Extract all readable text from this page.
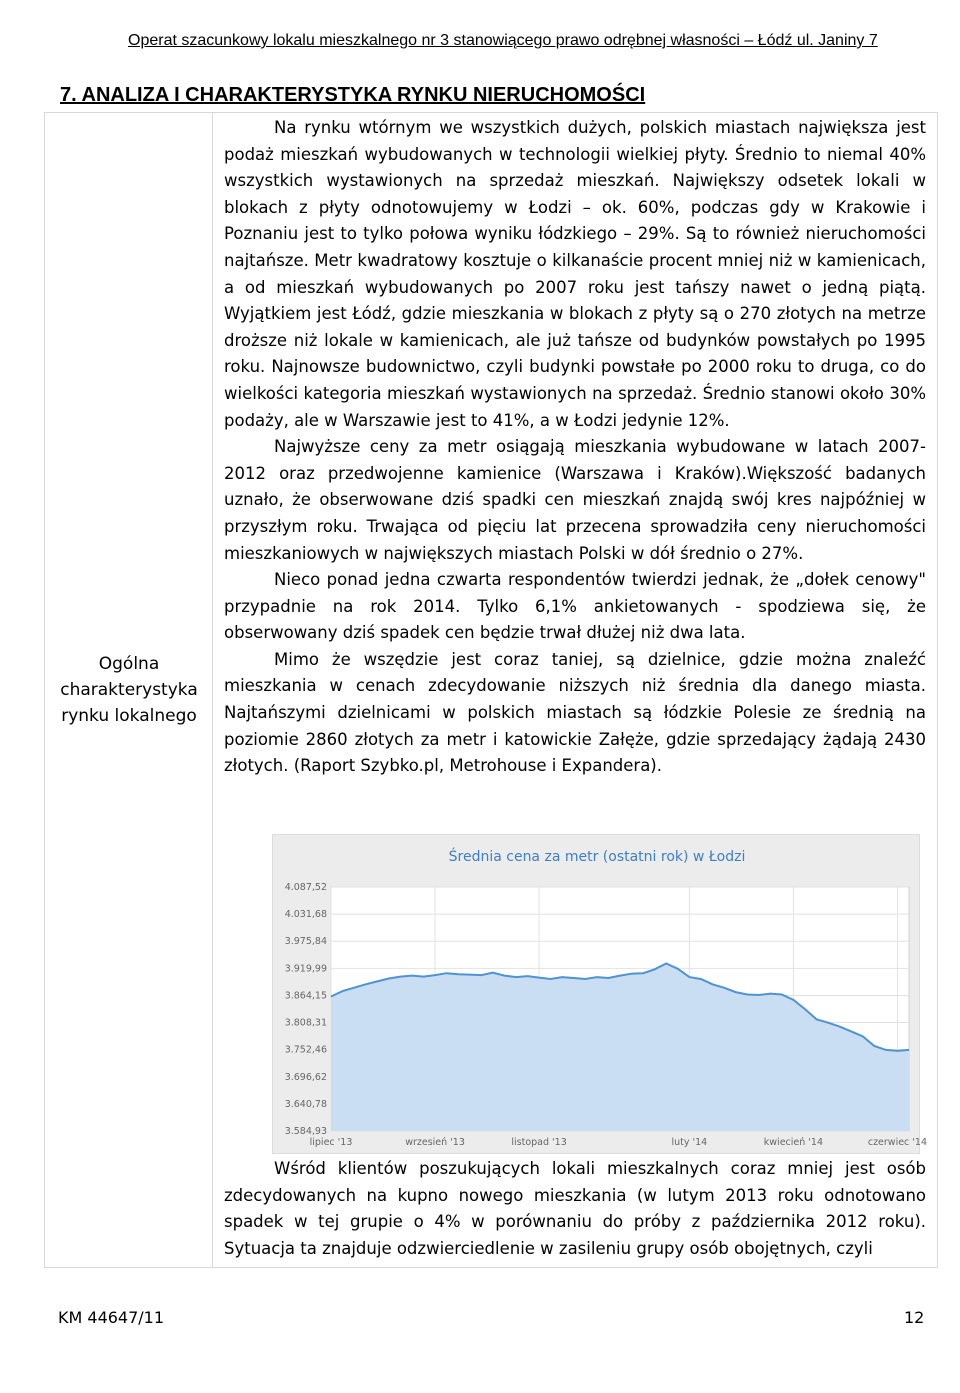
Operat szacunkowy lokalu mieszkalnego nr 3 stanowiącego prawo odrębnej własności – Łódź ul. Janiny 7
7. ANALIZA I CHARAKTERYSTYKA RYNKU NIERUCHOMOŚCI
Ogólna
charakterystyka
rynku lokalnego

Na rynku wtórnym we wszystkich dużych, polskich miastach największa jest podaż mieszkań wybudowanych w technologii wielkiej płyty. Średnio to niemal 40% wszystkich wystawionych na sprzedaż mieszkań. Największy odsetek lokali w blokach z płyty odnotowujemy w Łodzi – ok. 60%, podczas gdy w Krakowie i Poznaniu jest to tylko połowa wyniku łódzkiego – 29%. Są to również nieruchomości najtańsze. Metr kwadratowy kosztuje o kilkanaście procent mniej niż w kamienicach, a od mieszkań wybudowanych po 2007 roku jest tańszy nawet o jedną piątą. Wyjątkiem jest Łódź, gdzie mieszkania w blokach z płyty są o 270 złotych na metrze droższe niż lokale w kamienicach, ale już tańsze od budynków powstałych po 1995 roku. Najnowsze budownictwo, czyli budynki powstałe po 2000 roku to druga, co do wielkości kategoria mieszkań wystawionych na sprzedaż. Średnio stanowi około 30% podaży, ale w Warszawie jest to 41%, a w Łodzi jedynie 12%.

Najwyższe ceny za metr osiągają mieszkania wybudowane w latach 2007-2012 oraz przedwojenne kamienice (Warszawa i Kraków).Większość badanych uznało, że obserwowane dziś spadki cen mieszkań znajdą swój kres najpóźniej w przyszłym roku. Trwająca od pięciu lat przecena sprowadziła ceny nieruchomości mieszkaniowych w największych miastach Polski w dół średnio o 27%.

Nieco ponad jedna czwarta respondentów twierdzi jednak, że „dołek cenowy" przypadnie na rok 2014. Tylko 6,1% ankietowanych - spodziewa się, że obserwowany dziś spadek cen będzie trwał dłużej niż dwa lata.

Mimo że wszędzie jest coraz taniej, są dzielnice, gdzie można znaleźć mieszkania w cenach zdecydowanie niższych niż średnia dla danego miasta. Najtańszymi dzielnicami w polskich miastach są łódzkie Polesie ze średnią na poziomie 2860 złotych za metr i katowickie Załęże, gdzie sprzedający żądają 2430 złotych. (Raport Szybko.pl, Metrohouse i Expandera).

Średnia cena za metr (ostatni rok) w Łodzi
4.087,52
4.031,68
3.975,84
3.919,99
3.864,15
3.808,31
3.752,46
3.696,62
3.640,78
3.584,93
lipiec '13	wrzesień '13	listopad '13	luty '14	kwiecień '14	czerwiec '14

Wśród klientów poszukujących lokali mieszkalnych coraz mniej jest osób zdecydowanych na kupno nowego mieszkania (w lutym 2013 roku odnotowano spadek w tej grupie o 4% w porównaniu do próby z października 2012 roku). Sytuacja ta znajduje odzwierciedlenie w zasileniu grupy osób obojętnych, czyli

KM 44647/11	12
